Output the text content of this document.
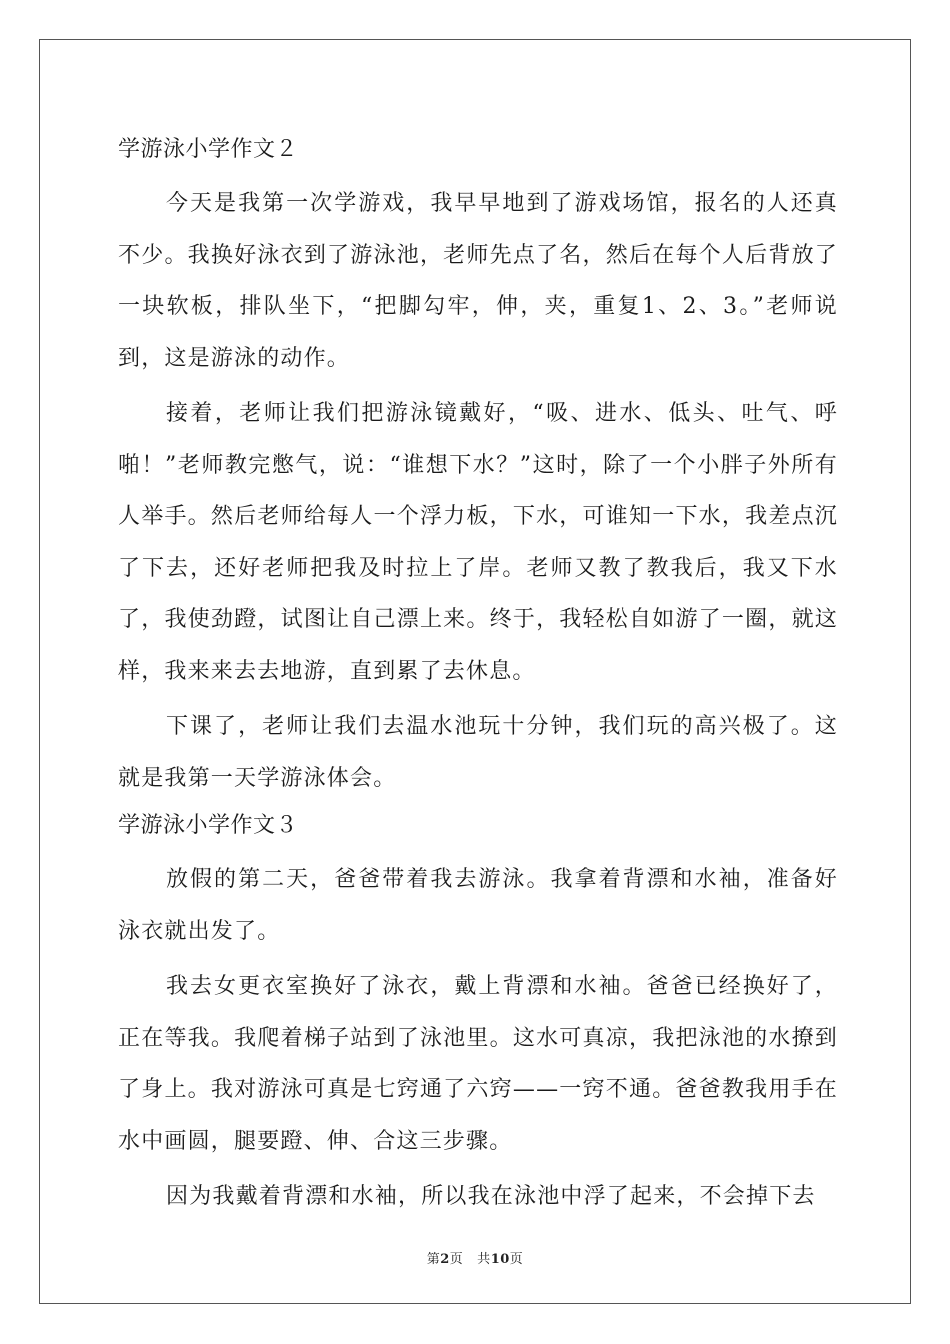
学游泳小学作文２

今天是我第一次学游戏，我早早地到了游戏场馆，报名的人还真不少。我换好泳衣到了游泳池，老师先点了名，然后在每个人后背放了一块软板，排队坐下，“把脚勾牢，伸，夹，重复1、2、3。”老师说到，这是游泳的动作。

接着，老师让我们把游泳镜戴好，“吸、进水、低头、吐气、呼啪！”老师教完憋气，说：“谁想下水？”这时，除了一个小胖子外所有人举手。然后老师给每人一个浮力板，下水，可谁知一下水，我差点沉了下去，还好老师把我及时拉上了岸。老师又教了教我后，我又下水了，我使劲蹬，试图让自己漂上来。终于，我轻松自如游了一圈，就这样，我来来去去地游，直到累了去休息。

下课了，老师让我们去温水池玩十分钟，我们玩的高兴极了。这就是我第一天学游泳体会。

学游泳小学作文３

放假的第二天，爸爸带着我去游泳。我拿着背漂和水袖，准备好泳衣就出发了。

我去女更衣室换好了泳衣，戴上背漂和水袖。爸爸已经换好了，正在等我。我爬着梯子站到了泳池里。这水可真凉，我把泳池的水撩到了身上。我对游泳可真是七窍通了六窍——一窍不通。爸爸教我用手在水中画圆，腿要蹬、伸、合这三步骤。

因为我戴着背漂和水袖，所以我在泳池中浮了起来，不会掉下去

第2页 共10页
